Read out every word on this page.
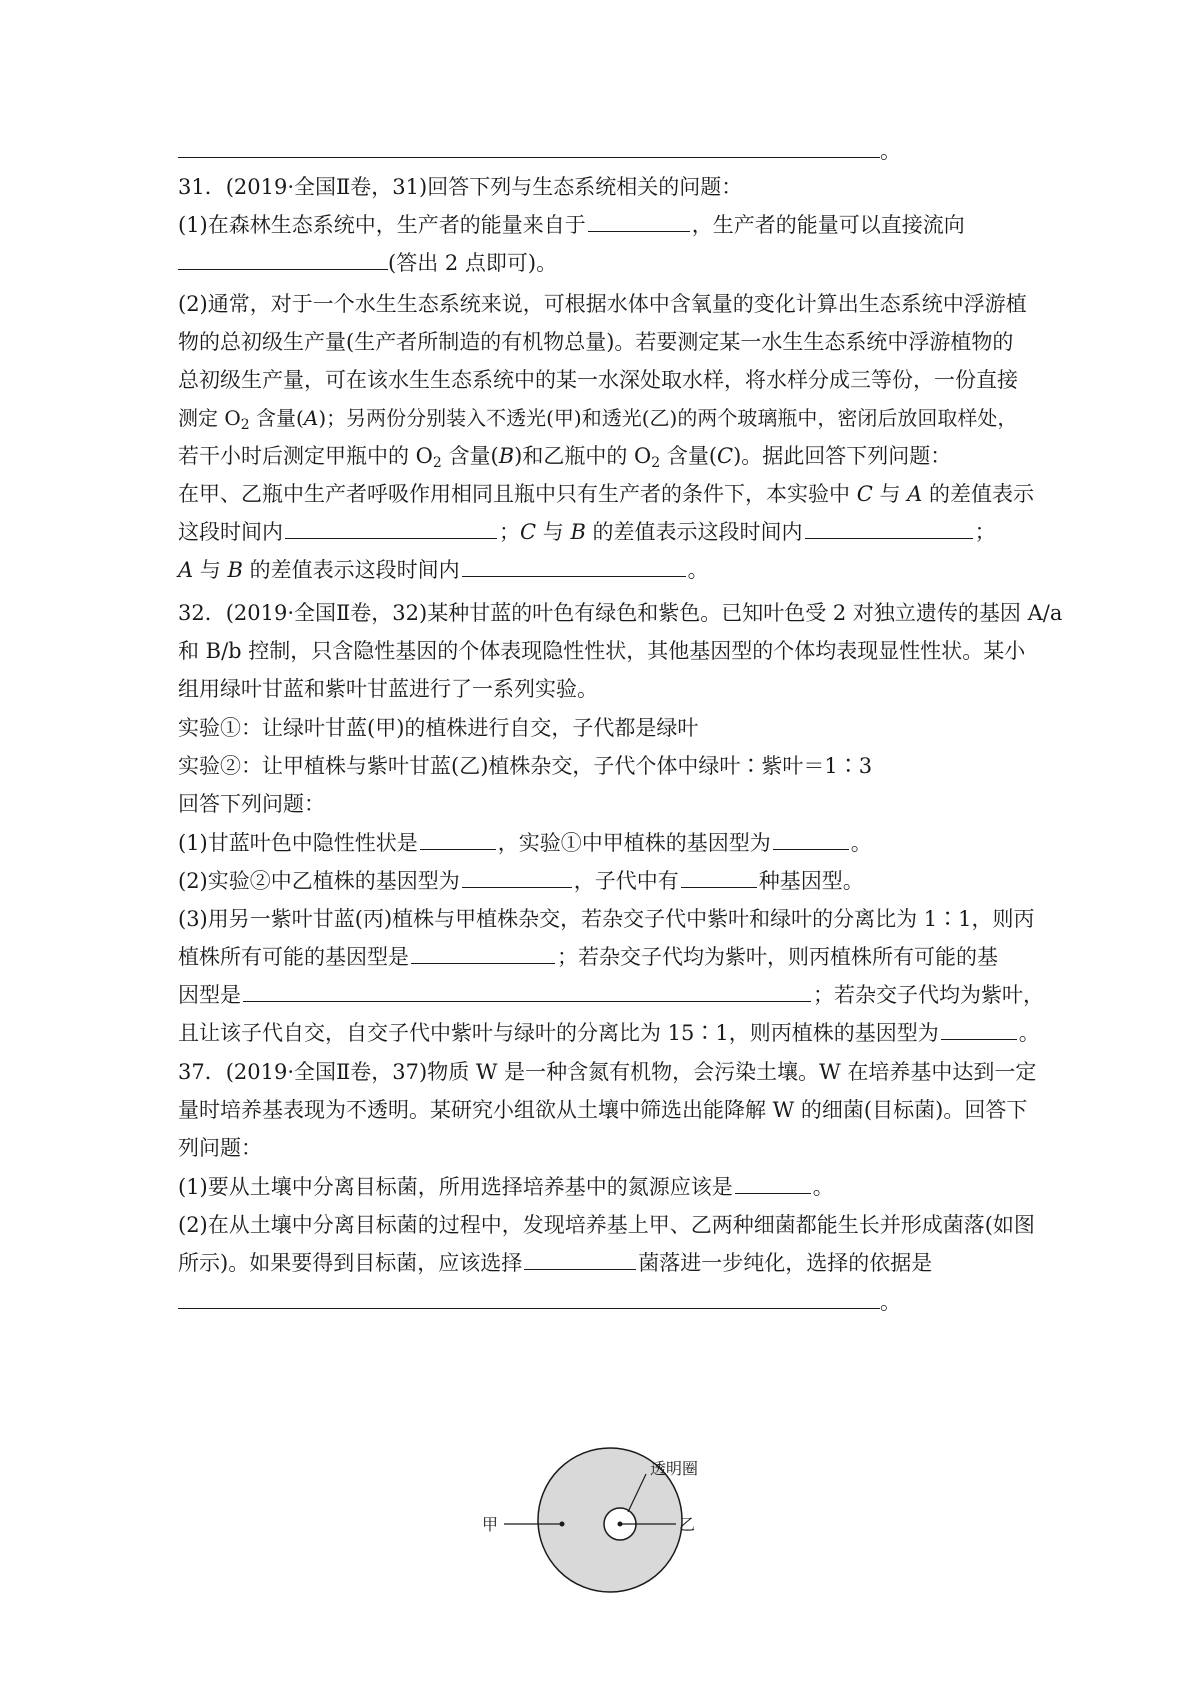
。
31．(2019·全国Ⅱ卷，31)回答下列与生态系统相关的问题：
(1)在森林生态系统中，生产者的能量来自于	，生产者的能量可以直接流向
(答出 2 点即可)。
(2)通常，对于一个水生生态系统来说，可根据水体中含氧量的变化计算出生态系统中浮游植
物的总初级生产量(生产者所制造的有机物总量)。若要测定某一水生生态系统中浮游植物的
总初级生产量，可在该水生生态系统中的某一水深处取水样，将水样分成三等份，一份直接
测定 $O_2$ 含量(A)；另两份分别装入不透光(甲)和透光(乙)的两个玻璃瓶中，密闭后放回取样处，
若干小时后测定甲瓶中的 $O_2$ 含量(B)和乙瓶中的 $O_2$ 含量(C)。据此回答下列问题：
在甲、乙瓶中生产者呼吸作用相同且瓶中只有生产者的条件下，本实验中 C 与 A 的差值表示
这段时间内	；C 与 B 的差值表示这段时间内	；
A 与 B 的差值表示这段时间内	。
32．(2019·全国Ⅱ卷，32)某种甘蓝的叶色有绿色和紫色。已知叶色受 2 对独立遗传的基因 A/a
和 B/b 控制，只含隐性基因的个体表现隐性性状，其他基因型的个体均表现显性性状。某小
组用绿叶甘蓝和紫叶甘蓝进行了一系列实验。
实验①：让绿叶甘蓝(甲)的植株进行自交，子代都是绿叶
实验②：让甲植株与紫叶甘蓝(乙)植株杂交，子代个体中绿叶∶紫叶＝1∶3
回答下列问题：
(1)甘蓝叶色中隐性性状是	，实验①中甲植株的基因型为	。
(2)实验②中乙植株的基因型为	，子代中有	种基因型。
(3)用另一紫叶甘蓝(丙)植株与甲植株杂交，若杂交子代中紫叶和绿叶的分离比为 1∶1，则丙
植株所有可能的基因型是	；若杂交子代均为紫叶，则丙植株所有可能的基
因型是	；若杂交子代均为紫叶，
且让该子代自交，自交子代中紫叶与绿叶的分离比为 15∶1，则丙植株的基因型为	。
37．(2019·全国Ⅱ卷，37)物质 W 是一种含氮有机物，会污染土壤。W 在培养基中达到一定
量时培养基表现为不透明。某研究小组欲从土壤中筛选出能降解 W 的细菌(目标菌)。回答下
列问题：
(1)要从土壤中分离目标菌，所用选择培养基中的氮源应该是	。
(2)在从土壤中分离目标菌的过程中，发现培养基上甲、乙两种细菌都能生长并形成菌落(如图
所示)。如果要得到目标菌，应该选择	菌落进一步纯化，选择的依据是
。
甲	乙
透明圈
